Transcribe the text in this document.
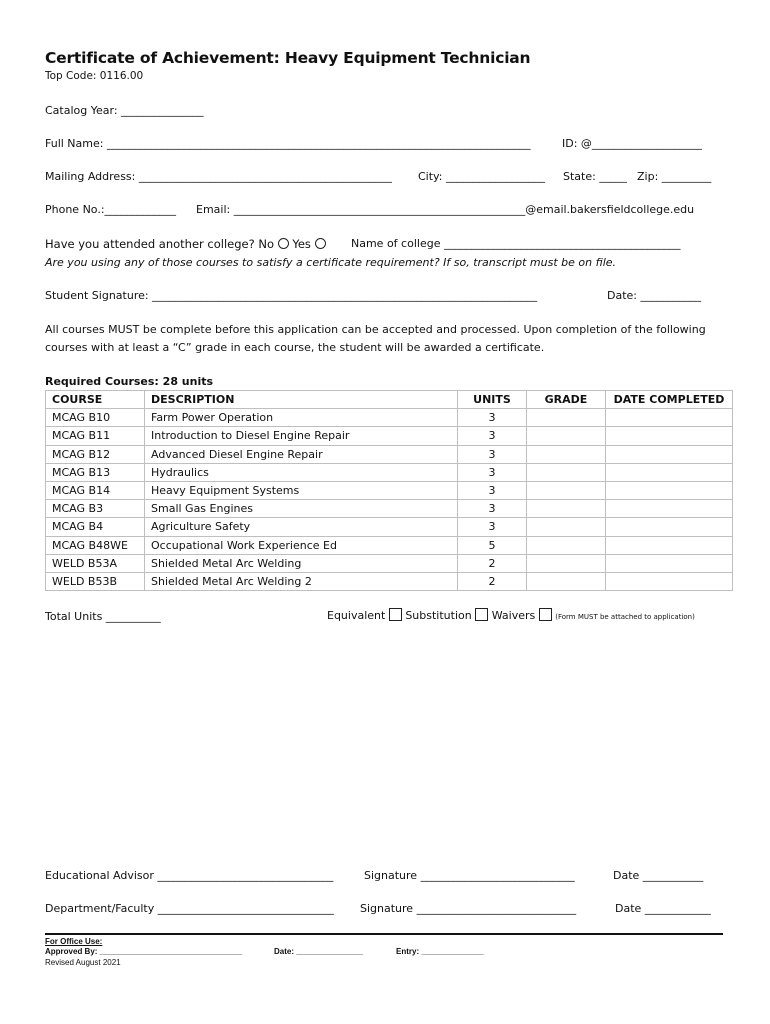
Certificate of Achievement: Heavy Equipment Technician
Top Code: 0116.00
Catalog Year: _______________
Full Name: _____________________________________________________________________________	ID: @____________________
Mailing Address: ______________________________________________ City: __________________ State: _____ Zip: _________
Phone No.:_____________ Email: _____________________________________________________@email.bakersfieldcollege.edu
Have you attended another college? No Yes	Name of college ___________________________________________
Are you using any of those courses to satisfy a certificate requirement? If so, transcript must be on file.
Student Signature: ______________________________________________________________________	Date: ___________
All courses MUST be complete before this application can be accepted and processed. Upon completion of the following
courses with at least a “C” grade in each course, the student will be awarded a certificate.
Required Courses: 28 units
COURSE	DESCRIPTION	UNITS	GRADE	DATE COMPLETED
MCAG B10	Farm Power Operation	3		
MCAG B11	Introduction to Diesel Engine Repair	3		
MCAG B12	Advanced Diesel Engine Repair	3		
MCAG B13	Hydraulics	3		
MCAG B14	Heavy Equipment Systems	3		
MCAG B3	Small Gas Engines	3		
MCAG B4	Agriculture Safety	3		
MCAG B48WE	Occupational Work Experience Ed	5		
WELD B53A	Shielded Metal Arc Welding	2		
WELD B53B	Shielded Metal Arc Welding 2	2		
Total Units __________	Equivalent Substitution Waivers	(Form MUST be attached to application)
Educational Advisor ________________________________	Signature ____________________________	Date ___________
Department/Faculty ________________________________ Signature _____________________________	Date ____________
For Office Use:
Approved By: ________________________________	Date: _______________	Entry: ______________
Revised August 2021
